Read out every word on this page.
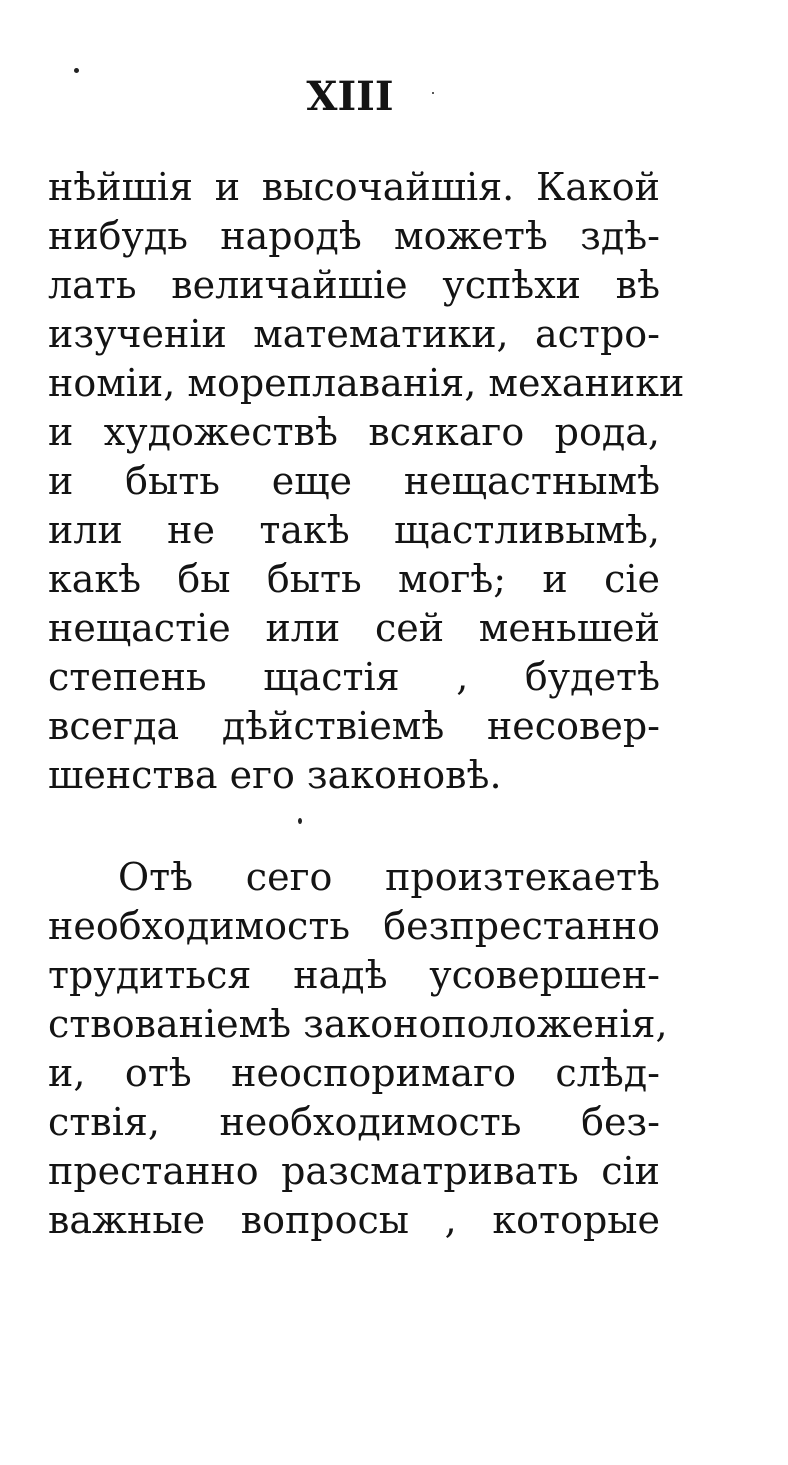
XIII
нѣйшія и высочайшія. Какой
нибудь народѣ можетѣ здѣ-
лать величайшіе успѣхи вѣ
изученіи математики, астро-
номіи, мореплаванія, механики
и художествѣ всякаго рода,
и быть еще нещастнымѣ
или не такѣ щастливымѣ,
какѣ бы быть могѣ; и сіе
нещастіе или сей меньшей
степень щастія , будетѣ
всегда дѣйствіемѣ несовер-
шенства его законовѣ.
Отѣ сего произтекаетѣ
необходимость безпрестанно
трудиться надѣ усовершен-
ствованіемѣ законоположенія,
и, отѣ неоспоримаго слѣд-
ствія, необходимость без-
престанно разсматривать сіи
важные вопросы , которые
